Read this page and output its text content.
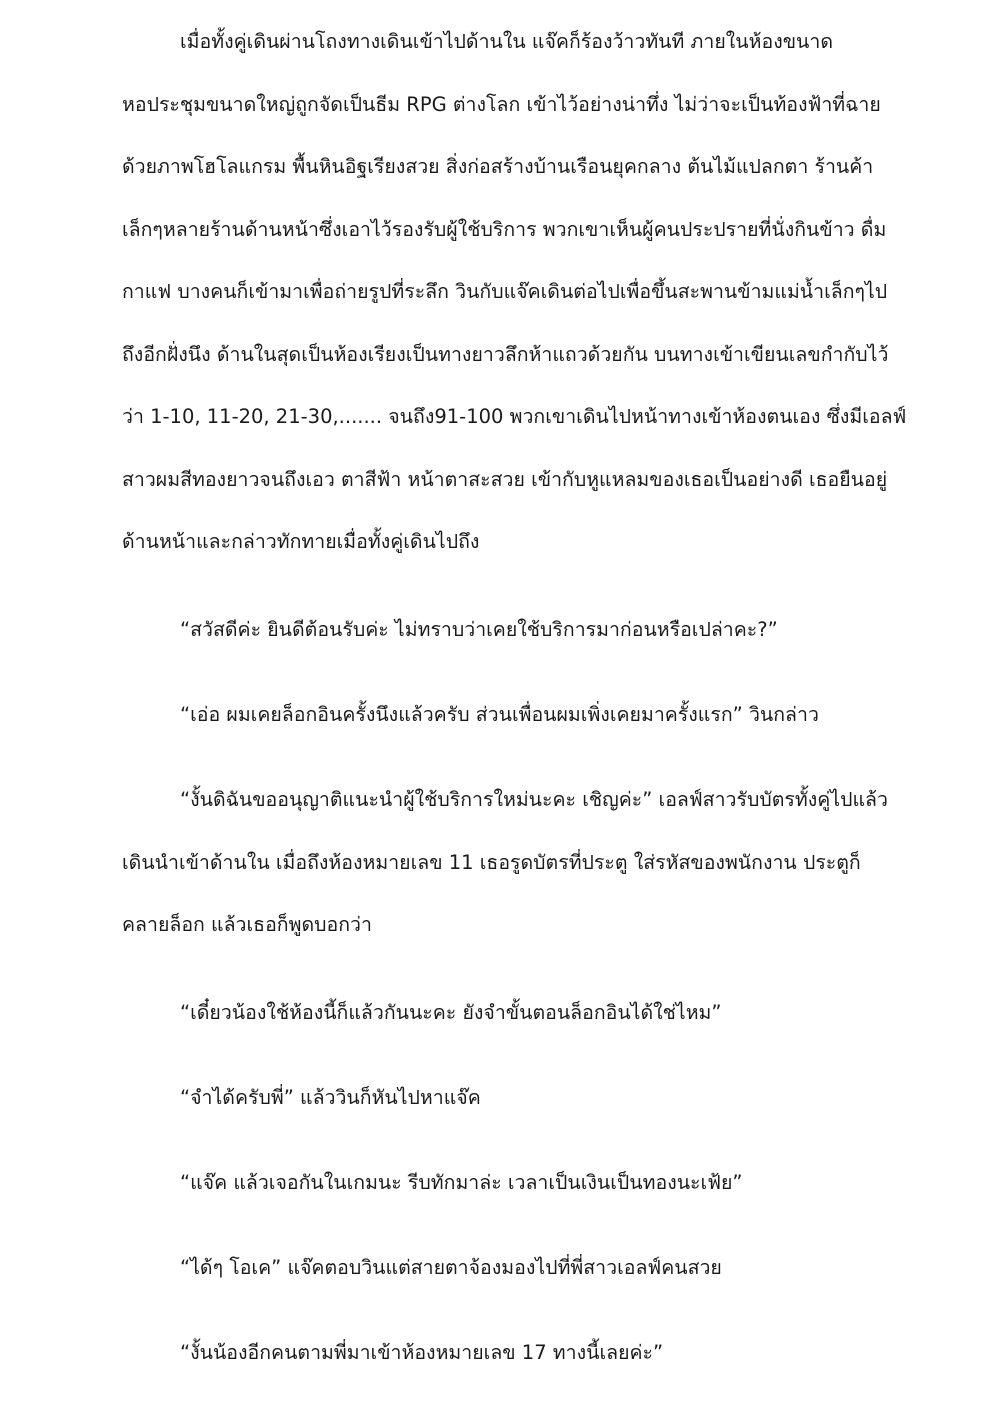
เมื่อทั้งคู่เดินผ่านโถงทางเดินเข้าไปด้านใน แจ๊คก็ร้องว้าวทันที ภายในห้องขนาด
หอประชุมขนาดใหญ่ถูกจัดเป็นธีม RPG ต่างโลก เข้าไว้อย่างน่าทึ่ง ไม่ว่าจะเป็นท้องฟ้าที่ฉาย
ด้วยภาพโฮโลแกรม พื้นหินอิฐเรียงสวย สิ่งก่อสร้างบ้านเรือนยุคกลาง ต้นไม้แปลกตา ร้านค้า
เล็กๆหลายร้านด้านหน้าซึ่งเอาไว้รองรับผู้ใช้บริการ พวกเขาเห็นผู้คนประปรายที่นั่งกินข้าว ดื่ม
กาแฟ บางคนก็เข้ามาเพื่อถ่ายรูปที่ระลึก วินกับแจ๊คเดินต่อไปเพื่อขึ้นสะพานข้ามแม่น้ำเล็กๆไป
ถึงอีกฝั่งนึง ด้านในสุดเป็นห้องเรียงเป็นทางยาวลึกห้าแถวด้วยกัน บนทางเข้าเขียนเลขกำกับไว้
ว่า 1-10, 11-20, 21-30,....... จนถึง91-100 พวกเขาเดินไปหน้าทางเข้าห้องตนเอง ซึ่งมีเอลฟ์
สาวผมสีทองยาวจนถึงเอว ตาสีฟ้า หน้าตาสะสวย เข้ากับหูแหลมของเธอเป็นอย่างดี เธอยืนอยู่
ด้านหน้าและกล่าวทักทายเมื่อทั้งคู่เดินไปถึง
“สวัสดีค่ะ ยินดีต้อนรับค่ะ ไม่ทราบว่าเคยใช้บริการมาก่อนหรือเปล่าคะ?”
“เอ่อ ผมเคยล็อกอินครั้งนึงแล้วครับ ส่วนเพื่อนผมเพิ่งเคยมาครั้งแรก” วินกล่าว
“งั้นดิฉันขออนุญาติแนะนำผู้ใช้บริการใหม่นะคะ เชิญค่ะ” เอลฟ์สาวรับบัตรทั้งคู่ไปแล้ว
เดินนำเข้าด้านใน เมื่อถึงห้องหมายเลข 11 เธอรูดบัตรที่ประตู ใส่รหัสของพนักงาน ประตูก็
คลายล็อก แล้วเธอก็พูดบอกว่า
“เดี๋ยวน้องใช้ห้องนี้ก็แล้วกันนะคะ ยังจำขั้นตอนล็อกอินได้ใช่ไหม”
“จำได้ครับพี่” แล้ววินก็หันไปหาแจ๊ค
“แจ๊ค แล้วเจอกันในเกมนะ รีบทักมาล่ะ เวลาเป็นเงินเป็นทองนะเฟ้ย”
“ได้ๆ โอเค” แจ๊คตอบวินแต่สายตาจ้องมองไปที่พี่สาวเอลฟ์คนสวย
“งั้นน้องอีกคนตามพี่มาเข้าห้องหมายเลข 17 ทางนี้เลยค่ะ”
